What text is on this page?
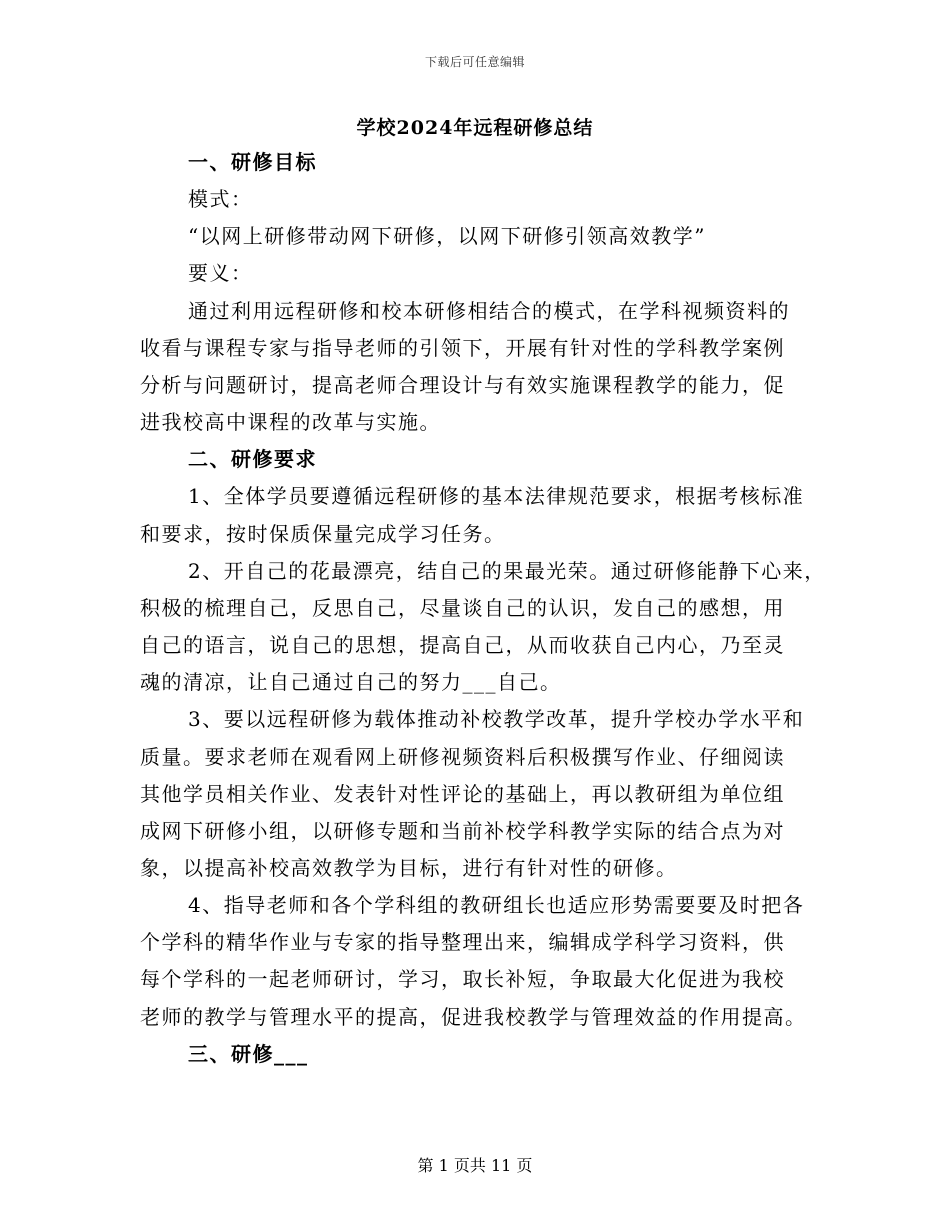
下载后可任意编辑
学校2024年远程研修总结
一、研修目标
模式：
“以网上研修带动网下研修，以网下研修引领高效教学”
要义：
通过利用远程研修和校本研修相结合的模式，在学科视频资料的
收看与课程专家与指导老师的引领下，开展有针对性的学科教学案例
分析与问题研讨，提高老师合理设计与有效实施课程教学的能力，促
进我校高中课程的改革与实施。
二、研修要求
1、全体学员要遵循远程研修的基本法律规范要求，根据考核标准
和要求，按时保质保量完成学习任务。
2、开自己的花最漂亮，结自己的果最光荣。通过研修能静下心来，
积极的梳理自己，反思自己，尽量谈自己的认识，发自己的感想，用
自己的语言，说自己的思想，提高自己，从而收获自己内心，乃至灵
魂的清凉，让自己通过自己的努力___自己。
3、要以远程研修为载体推动补校教学改革，提升学校办学水平和
质量。要求老师在观看网上研修视频资料后积极撰写作业、仔细阅读
其他学员相关作业、发表针对性评论的基础上，再以教研组为单位组
成网下研修小组，以研修专题和当前补校学科教学实际的结合点为对
象，以提高补校高效教学为目标，进行有针对性的研修。
4、指导老师和各个学科组的教研组长也适应形势需要要及时把各
个学科的精华作业与专家的指导整理出来，编辑成学科学习资料，供
每个学科的一起老师研讨，学习，取长补短，争取最大化促进为我校
老师的教学与管理水平的提高，促进我校教学与管理效益的作用提高。
三、研修___
第 1 页共 11 页
